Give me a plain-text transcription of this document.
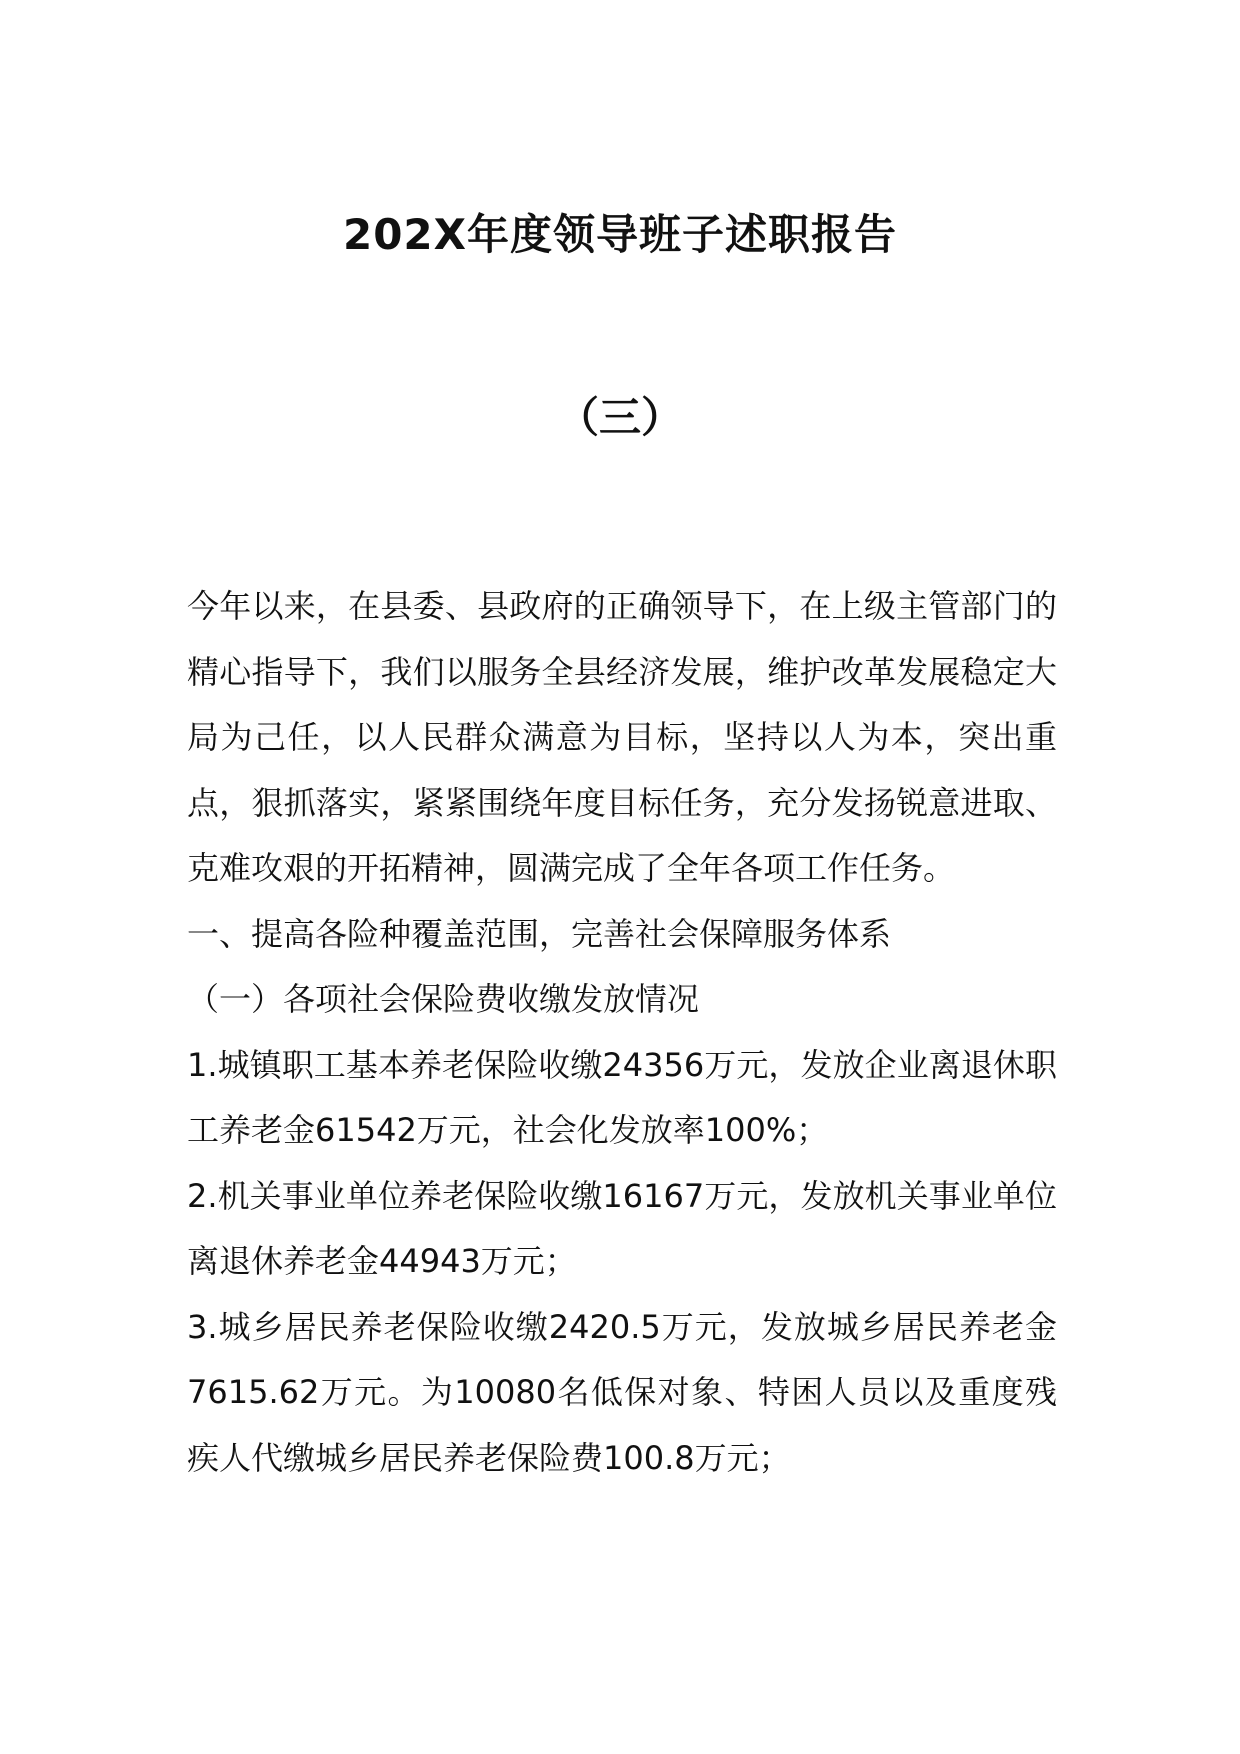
202X年度领导班子述职报告
（三）

今年以来，在县委、县政府的正确领导下，在上级主管部门的精心指导下，我们以服务全县经济发展，维护改革发展稳定大局为己任，以人民群众满意为目标，坚持以人为本，突出重点，狠抓落实，紧紧围绕年度目标任务，充分发扬锐意进取、克难攻艰的开拓精神，圆满完成了全年各项工作任务。

一、提高各险种覆盖范围，完善社会保障服务体系

（一）各项社会保险费收缴发放情况

1.城镇职工基本养老保险收缴24356万元，发放企业离退休职工养老金61542万元，社会化发放率100%；

2.机关事业单位养老保险收缴16167万元，发放机关事业单位离退休养老金44943万元；

3.城乡居民养老保险收缴2420.5万元，发放城乡居民养老金7615.62万元。为10080名低保对象、特困人员以及重度残疾人代缴城乡居民养老保险费100.8万元；
